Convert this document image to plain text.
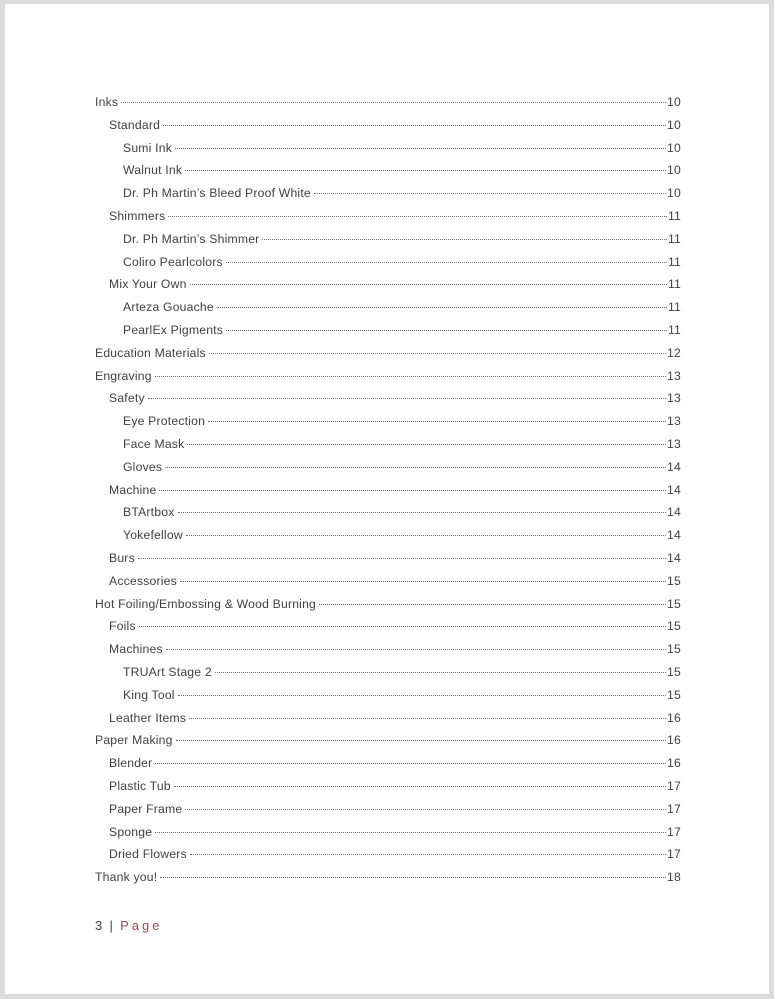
Inks	10
Standard	10
Sumi Ink	10
Walnut Ink	10
Dr. Ph Martin’s Bleed Proof White	10
Shimmers	11
Dr. Ph Martin’s Shimmer	11
Coliro Pearlcolors	11
Mix Your Own	11
Arteza Gouache	11
PearlEx Pigments	11
Education Materials	12
Engraving	13
Safety	13
Eye Protection	13
Face Mask	13
Gloves	14
Machine	14
BTArtbox	14
Yokefellow	14
Burs	14
Accessories	15
Hot Foiling/Embossing & Wood Burning	15
Foils	15
Machines	15
TRUArt Stage 2	15
King Tool	15
Leather Items	16
Paper Making	16
Blender	16
Plastic Tub	17
Paper Frame	17
Sponge	17
Dried Flowers	17
Thank you!	18
3 | Page
